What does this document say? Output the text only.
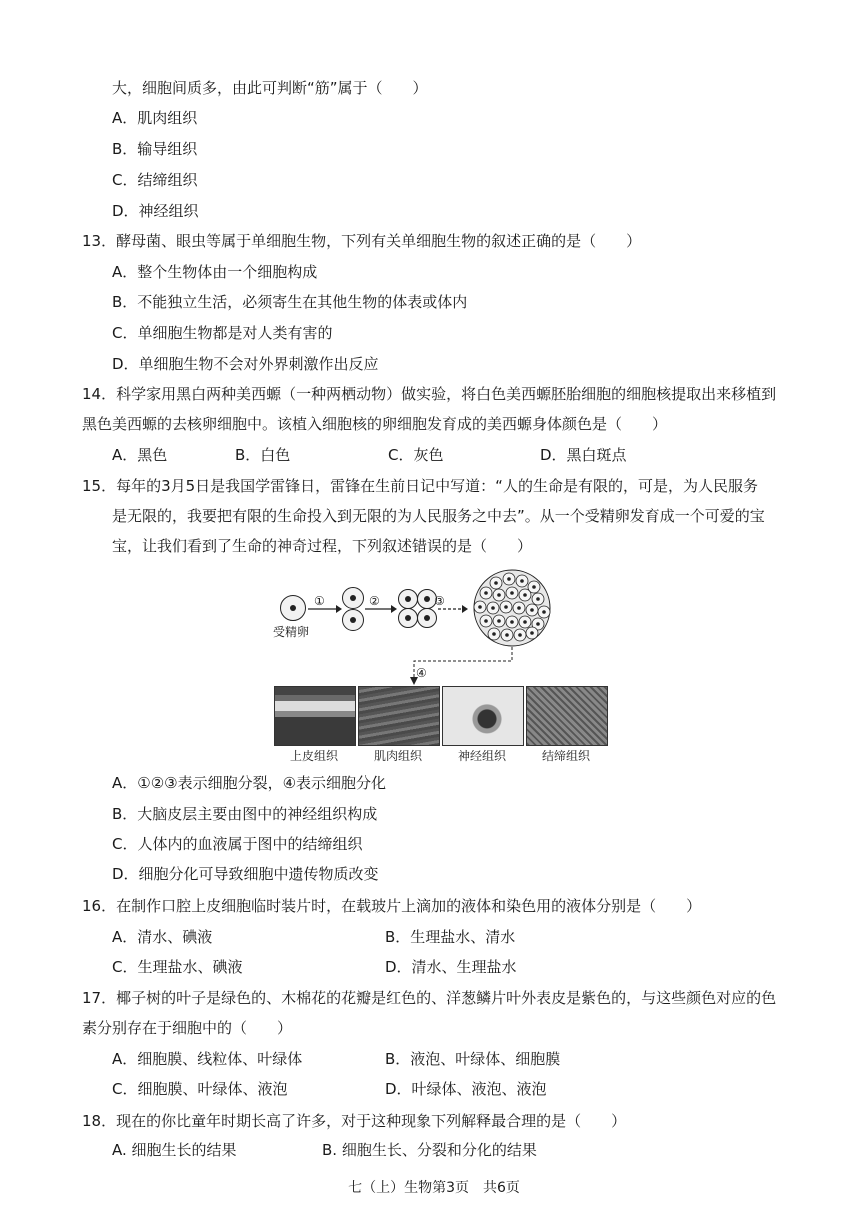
大，细胞间质多，由此可判断“筋”属于（　　）
A．肌肉组织
B．输导组织
C．结缔组织
D．神经组织
13．酵母菌、眼虫等属于单细胞生物，下列有关单细胞生物的叙述正确的是（　　）
A．整个生物体由一个细胞构成
B．不能独立生活，必须寄生在其他生物的体表或体内
C．单细胞生物都是对人类有害的
D．单细胞生物不会对外界刺激作出反应
14．科学家用黑白两种美西螈（一种两栖动物）做实验，将白色美西螈胚胎细胞的细胞核提取出来移植到
黑色美西螈的去核卵细胞中。该植入细胞核的卵细胞发育成的美西螈身体颜色是（　　）
A．黑色	B．白色	C．灰色	D．黑白斑点
15．每年的3月5日是我国学雷锋日，雷锋在生前日记中写道：“人的生命是有限的，可是，为人民服务
是无限的，我要把有限的生命投入到无限的为人民服务之中去”。从一个受精卵发育成一个可爱的宝
宝，让我们看到了生命的神奇过程，下列叙述错误的是（　　）
受精卵
①	②	③
④
上皮组织	肌肉组织	神经组织	结缔组织
A．①②③表示细胞分裂，④表示细胞分化
B．大脑皮层主要由图中的神经组织构成
C．人体内的血液属于图中的结缔组织
D．细胞分化可导致细胞中遗传物质改变
16．在制作口腔上皮细胞临时装片时，在载玻片上滴加的液体和染色用的液体分别是（　　）
A．清水、碘液	B．生理盐水、清水
C．生理盐水、碘液	D．清水、生理盐水
17．椰子树的叶子是绿色的、木棉花的花瓣是红色的、洋葱鳞片叶外表皮是紫色的，与这些颜色对应的色
素分别存在于细胞中的（　　）
A．细胞膜、线粒体、叶绿体	B．液泡、叶绿体、细胞膜
C．细胞膜、叶绿体、液泡	D．叶绿体、液泡、液泡
18．现在的你比童年时期长高了许多，对于这种现象下列解释最合理的是（　　）
A. 细胞生长的结果	B. 细胞生长、分裂和分化的结果
七（上）生物第3页　共6页
